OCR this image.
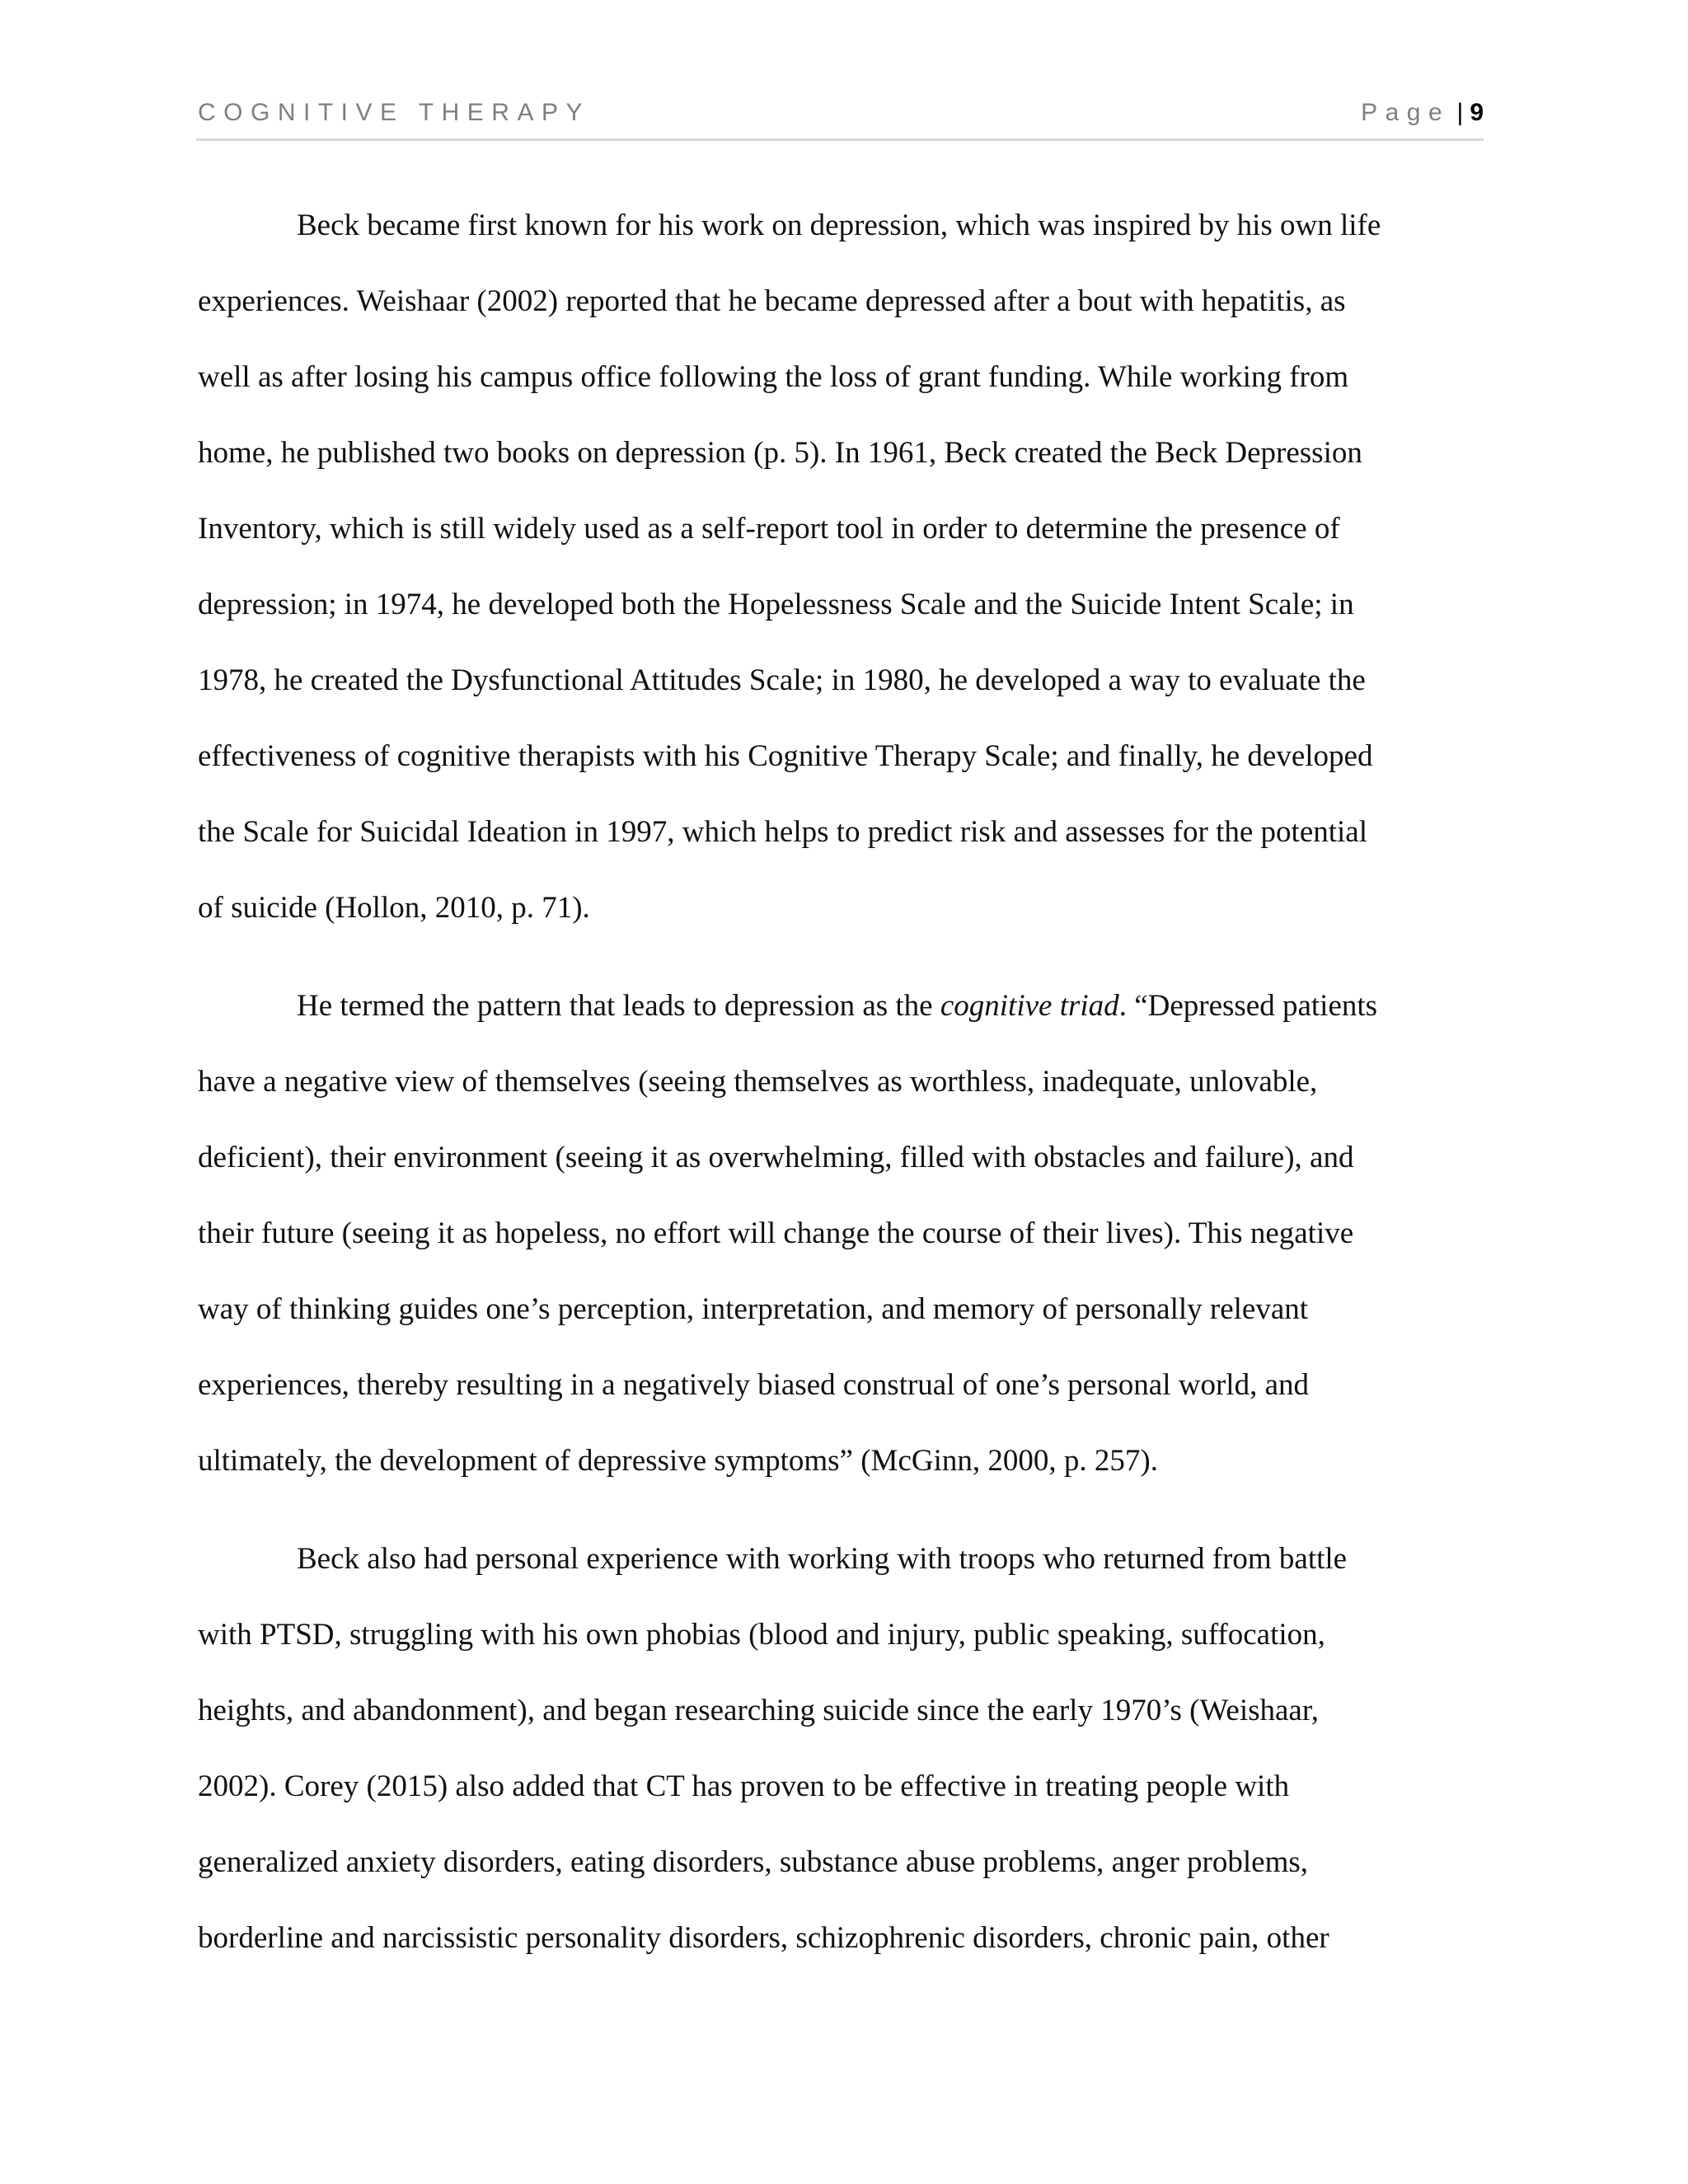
COGNITIVE THERAPY	Page | 9
Beck became first known for his work on depression, which was inspired by his own life
experiences. Weishaar (2002) reported that he became depressed after a bout with hepatitis, as
well as after losing his campus office following the loss of grant funding. While working from
home, he published two books on depression (p. 5). In 1961, Beck created the Beck Depression
Inventory, which is still widely used as a self-report tool in order to determine the presence of
depression; in 1974, he developed both the Hopelessness Scale and the Suicide Intent Scale; in
1978, he created the Dysfunctional Attitudes Scale; in 1980, he developed a way to evaluate the
effectiveness of cognitive therapists with his Cognitive Therapy Scale; and finally, he developed
the Scale for Suicidal Ideation in 1997, which helps to predict risk and assesses for the potential
of suicide (Hollon, 2010, p. 71).
He termed the pattern that leads to depression as the cognitive triad. “Depressed patients
have a negative view of themselves (seeing themselves as worthless, inadequate, unlovable,
deficient), their environment (seeing it as overwhelming, filled with obstacles and failure), and
their future (seeing it as hopeless, no effort will change the course of their lives). This negative
way of thinking guides one’s perception, interpretation, and memory of personally relevant
experiences, thereby resulting in a negatively biased construal of one’s personal world, and
ultimately, the development of depressive symptoms” (McGinn, 2000, p. 257).
Beck also had personal experience with working with troops who returned from battle
with PTSD, struggling with his own phobias (blood and injury, public speaking, suffocation,
heights, and abandonment), and began researching suicide since the early 1970’s (Weishaar,
2002). Corey (2015) also added that CT has proven to be effective in treating people with
generalized anxiety disorders, eating disorders, substance abuse problems, anger problems,
borderline and narcissistic personality disorders, schizophrenic disorders, chronic pain, other
